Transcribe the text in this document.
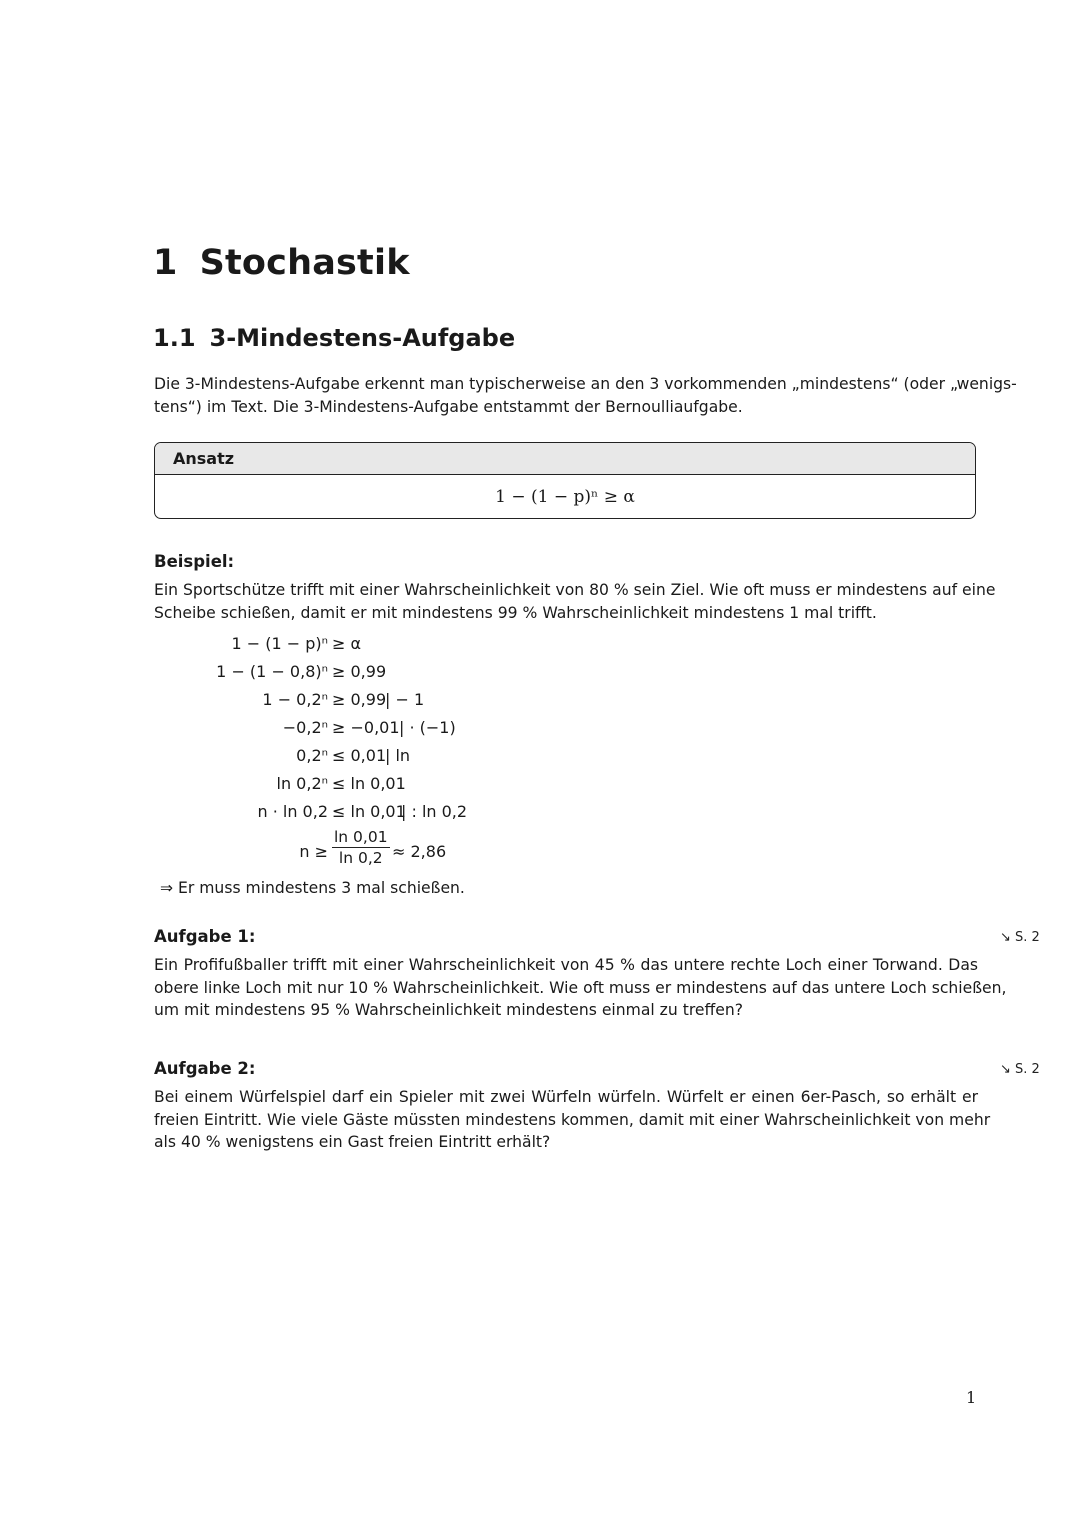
1 Stochastik
1.1 3-Mindestens-Aufgabe

Die 3-Mindestens-Aufgabe erkennt man typischerweise an den 3 vorkommenden „mindestens“ (oder „wenigs-
tens“) im Text. Die 3-Mindestens-Aufgabe entstammt der Bernoulliaufgabe.

Ansatz
1 − (1 − p)ⁿ ≥ α

Beispiel:

Ein Sportschütze trifft mit einer Wahrscheinlichkeit von 80 % sein Ziel. Wie oft muss er mindestens auf eine
Scheibe schießen, damit er mit mindestens 99 % Wahrscheinlichkeit mindestens 1 mal trifft.

1 − (1 − p)ⁿ ≥ α
1 − (1 − 0,8)ⁿ ≥ 0,99
1 − 0,2ⁿ ≥ 0,99
| − 1
−0,2ⁿ ≥ −0,01 | · (−1)
0,2ⁿ ≤ 0,01
| ln
ln 0,2ⁿ ≤ ln 0,01
n · ln 0,2 ≤ ln 0,01
| : ln 0,2
$n \ge \frac{\ln 0,01}{\ln 0,2} \approx 2,86$
⇒ Er muss mindestens 3 mal schießen.

Aufgabe 1:	↘ S. 2

Ein Profifußballer trifft mit einer Wahrscheinlichkeit von 45 % das untere rechte Loch einer Torwand. Das
obere linke Loch mit nur 10 % Wahrscheinlichkeit. Wie oft muss er mindestens auf das untere Loch schießen,
um mit mindestens 95 % Wahrscheinlichkeit mindestens einmal zu treffen?

Aufgabe 2:	↘ S. 2

Bei einem Würfelspiel darf ein Spieler mit zwei Würfeln würfeln. Würfelt er einen 6er-Pasch, so erhält er
freien Eintritt. Wie viele Gäste müssten mindestens kommen, damit mit einer Wahrscheinlichkeit von mehr
als 40 % wenigstens ein Gast freien Eintritt erhält?

1
